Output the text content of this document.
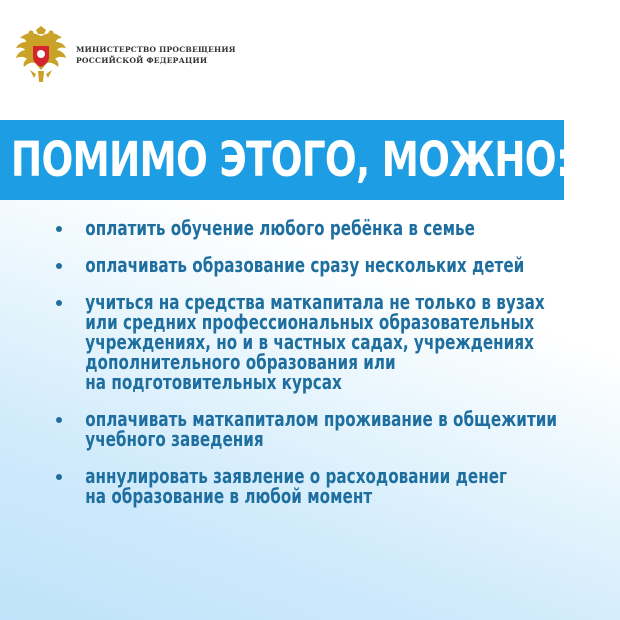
МИНИСТЕРСТВО ПРОСВЕЩЕНИЯ
РОССИЙСКОЙ ФЕДЕРАЦИИ
ПОМИМО ЭТОГО, МОЖНО:
оплатить обучение любого ребёнка в семье
оплачивать образование сразу нескольких детей
учиться на средства маткапитала не только в вузах
или средних профессиональных образовательных
учреждениях, но и в частных садах, учреждениях
дополнительного образования или
на подготовительных курсах
оплачивать маткапиталом проживание в общежитии
учебного заведения
аннулировать заявление о расходовании денег
на образование в любой момент
